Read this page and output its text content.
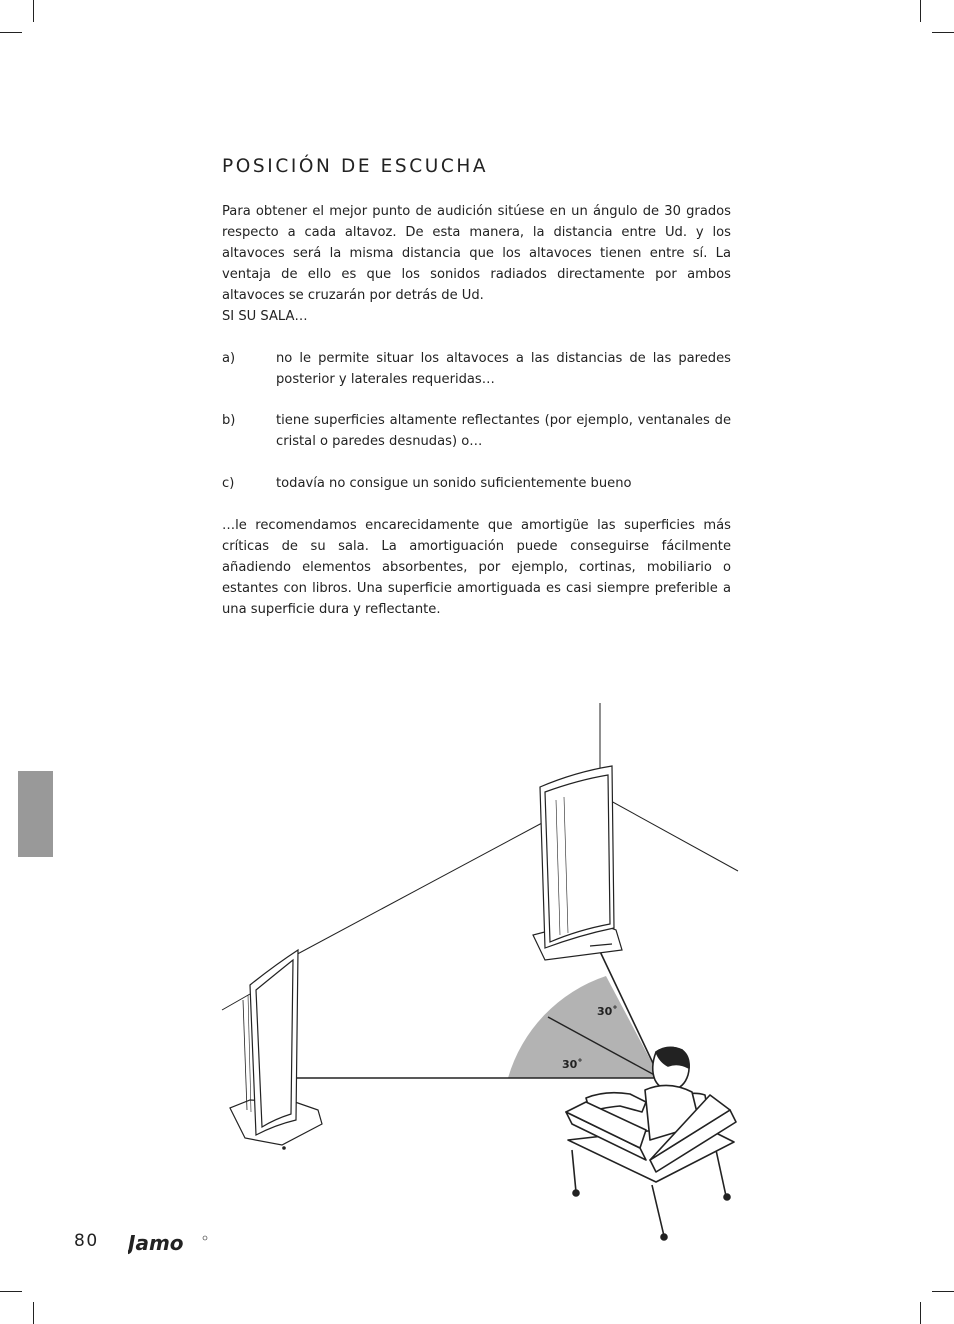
POSICIÓN DE ESCUCHA

Para obtener el mejor punto de audición sitúese en un ángulo de 30 grados respecto a cada altavoz. De esta manera, la distancia entre Ud. y los altavoces será la misma distancia que los altavoces tienen entre sí. La ventaja de ello es que los sonidos radiados directamente por ambos altavoces se cruzarán por detrás de Ud.

SI SU SALA…

a)	no le permite situar los altavoces a las distancias de las paredes posterior y laterales requeridas…
b)	tiene superficies altamente reflectantes (por ejemplo, ventanales de cristal o paredes desnudas) o…
c)	todavía no consigue un sonido suficientemente bueno

…le recomendamos encarecidamente que amortigüe las superficies más críticas de su sala. La amortiguación puede conseguirse fácilmente añadiendo elementos absorbentes, por ejemplo, cortinas, mobiliario o estantes con libros. Una superficie amortiguada es casi siempre preferible a una superficie dura y reflectante.

30˚
30˚
80 Jamo
